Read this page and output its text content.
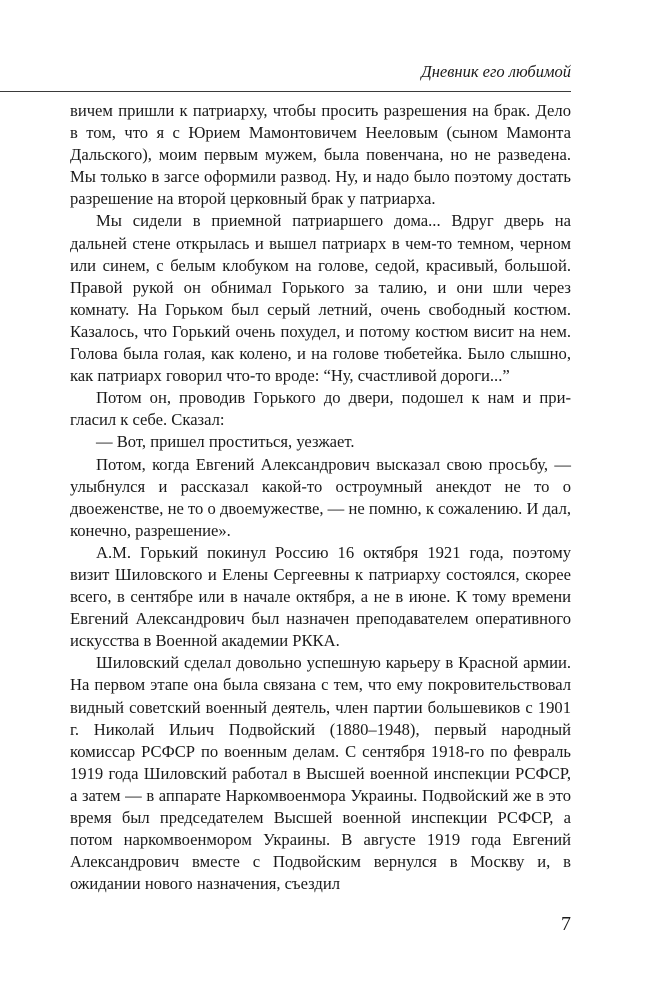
Дневник его любимой

вичем пришли к патриарху, чтобы просить разрешения на брак. Дело в том, что я с Юрием Мамонтовичем Нееловым (сыном Мамонта Дальского), моим первым мужем, была повенчана, но не разведена. Мы только в загсе оформили развод. Ну, и надо было поэтому достать разрешение на второй церковный брак у патриарха.

Мы сидели в приемной патриаршего дома... Вдруг дверь на дальней стене открылась и вышел патриарх в чем-то темном, черном или синем, с белым клобуком на голове, седой, красивый, большой. Правой рукой он обнимал Горького за талию, и они шли через комнату. На Горьком был серый летний, очень свободный костюм. Казалось, что Горький очень похудел, и потому костюм висит на нем. Голова была голая, как колено, и на голове тюбетейка. Было слышно, как патриарх говорил что-то вроде: “Ну, счастливой дороги...”

Потом он, проводив Горького до двери, подошел к нам и пригласил к себе. Сказал:

— Вот, пришел проститься, уезжает.

Потом, когда Евгений Александрович высказал свою просьбу, — улыбнулся и рассказал какой-то остроумный анекдот не то о двоеженстве, не то о двоемужестве, — не помню, к сожалению. И дал, конечно, разрешение».

А.М. Горький покинул Россию 16 октября 1921 года, поэтому визит Шиловского и Елены Сергеевны к патриарху состоялся, скорее всего, в сентябре или в начале октября, а не в июне. К тому времени Евгений Александрович был назначен преподавателем оперативного искусства в Военной академии РККА.

Шиловский сделал довольно успешную карьеру в Красной армии. На первом этапе она была связана с тем, что ему покровительствовал видный советский военный деятель, член партии большевиков с 1901 г. Николай Ильич Подвойский (1880–1948), первый народный комиссар РСФСР по военным делам. С сентября 1918-го по февраль 1919 года Шиловский работал в Высшей военной инспекции РСФСР, а затем — в аппарате Наркомвоенмора Украины. Подвойский же в это время был председателем Высшей военной инспекции РСФСР, а потом наркомвоенмором Украины. В августе 1919 года Евгений Александрович вместе с Подвойским вернулся в Москву и, в ожидании нового назначения, съездил

7
